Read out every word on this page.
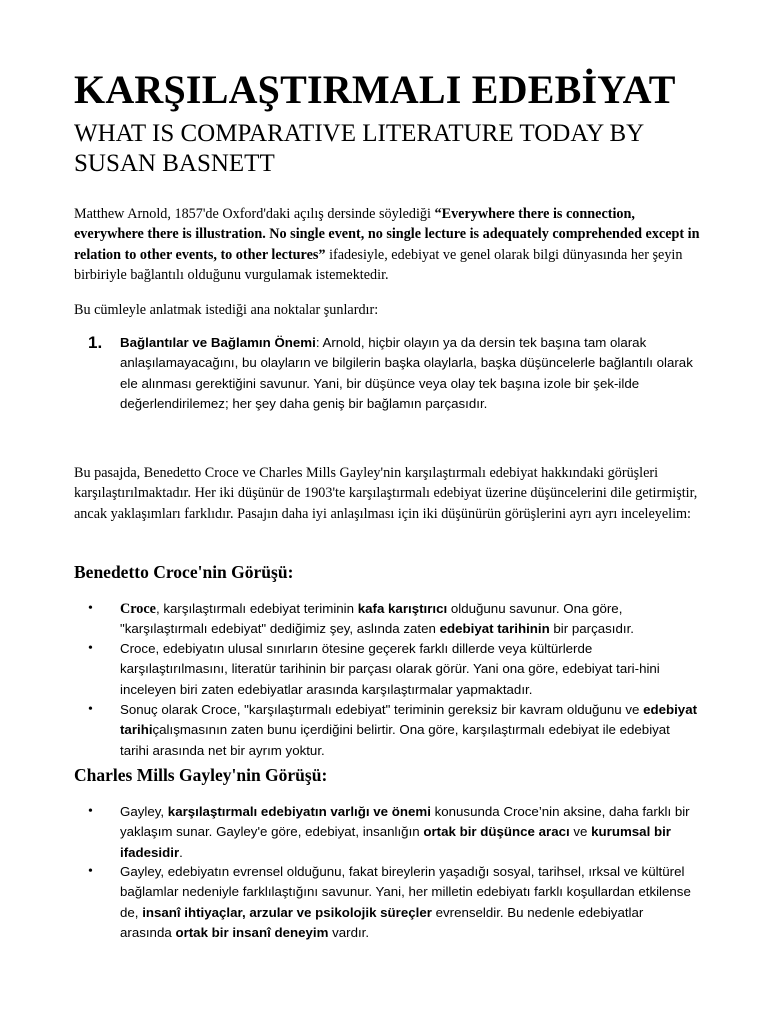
KARŞILAŞTIRMALI EDEBİYAT
WHAT IS COMPARATIVE LITERATURE TODAY BY SUSAN BASNETT

Matthew Arnold, 1857'de Oxford'daki açılış dersinde söylediği “Everywhere there is connection, everywhere there is illustration. No single event, no single lecture is adequately comprehended except in relation to other events, to other lectures” ifadesiyle, edebiyat ve genel olarak bilgi dünyasında her şeyin birbiriyle bağlantılı olduğunu vurgulamak istemektedir.

Bu cümleyle anlatmak istediği ana noktalar şunlardır:

1. Bağlantılar ve Bağlamın Önemi: Arnold, hiçbir olayın ya da dersin tek başına tam olarak anlaşılamayacağını, bu olayların ve bilgilerin başka olaylarla, başka düşüncelerle bağlantılı olarak ele alınması gerektiğini savunur. Yani, bir düşünce veya olay tek başına izole bir şek-ilde değerlendirilemez; her şey daha geniş bir bağlamın parçasıdır.

Bu pasajda, Benedetto Croce ve Charles Mills Gayley'nin karşılaştırmalı edebiyat hakkındaki görüşleri karşılaştırılmaktadır. Her iki düşünür de 1903'te karşılaştırmalı edebiyat üzerine düşüncelerini dile getirmiştir, ancak yaklaşımları farklıdır. Pasajın daha iyi anlaşılması için iki düşünürün görüşlerini ayrı ayrı inceleyelim:

Benedetto Croce'nin Görüşü:
• Croce, karşılaştırmalı edebiyat teriminin kafa karıştırıcı olduğunu savunur. Ona göre, "karşılaştırmalı edebiyat" dediğimiz şey, aslında zaten edebiyat tarihinin bir parçasıdır.

• Croce, edebiyatın ulusal sınırların ötesine geçerek farklı dillerde veya kültürlerde karşılaştırılmasını, literatür tarihinin bir parçası olarak görür. Yani ona göre, edebiyat tari-hini inceleyen biri zaten edebiyatlar arasında karşılaştırmalar yapmaktadır.

• Sonuç olarak Croce, "karşılaştırmalı edebiyat" teriminin gereksiz bir kavram olduğunu ve edebiyat tarihiçalışmasının zaten bunu içerdiğini belirtir. Ona göre, karşılaştırmalı edebiyat ile edebiyat tarihi arasında net bir ayrım yoktur.

Charles Mills Gayley'nin Görüşü:
• Gayley, karşılaştırmalı edebiyatın varlığı ve önemi konusunda Croce’nin aksine, daha farklı bir yaklaşım sunar. Gayley'e göre, edebiyat, insanlığın ortak bir düşünce aracı ve kurumsal bir ifadesidir.

• Gayley, edebiyatın evrensel olduğunu, fakat bireylerin yaşadığı sosyal, tarihsel, ırksal ve kültürel bağlamlar nedeniyle farklılaştığını savunur. Yani, her milletin edebiyatı farklı koşullardan etkilense de, insanî ihtiyaçlar, arzular ve psikolojik süreçler evrenseldir. Bu nedenle edebiyatlar arasında ortak bir insanî deneyim vardır.
